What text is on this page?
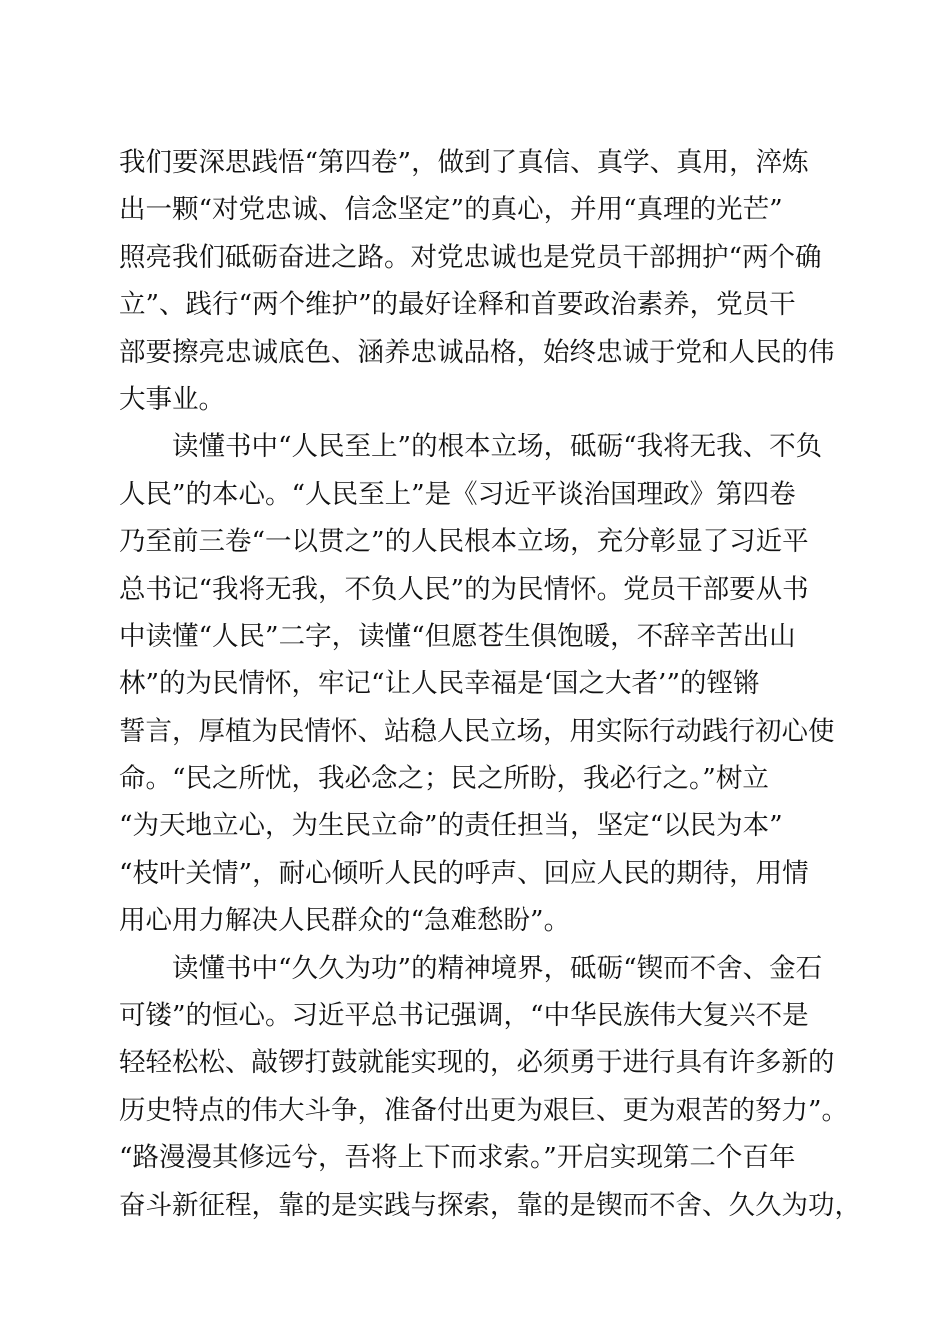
我们要深思践悟“第四卷”，做到了真信、真学、真用，淬炼
出一颗“对党忠诚、信念坚定”的真心，并用“真理的光芒”
照亮我们砥砺奋进之路。对党忠诚也是党员干部拥护“两个确
立”、践行“两个维护”的最好诠释和首要政治素养，党员干
部要擦亮忠诚底色、涵养忠诚品格，始终忠诚于党和人民的伟
大事业。
读懂书中“人民至上”的根本立场，砥砺“我将无我、不负
人民”的本心。“人民至上”是《习近平谈治国理政》第四卷
乃至前三卷“一以贯之”的人民根本立场，充分彰显了习近平
总书记“我将无我，不负人民”的为民情怀。党员干部要从书
中读懂“人民”二字，读懂“但愿苍生俱饱暖，不辞辛苦出山
林”的为民情怀，牢记“让人民幸福是‘国之大者’”的铿锵
誓言，厚植为民情怀、站稳人民立场，用实际行动践行初心使
命。“民之所忧，我必念之；民之所盼，我必行之。”树立
“为天地立心，为生民立命”的责任担当，坚定“以民为本”
“枝叶关情”，耐心倾听人民的呼声、回应人民的期待，用情
用心用力解决人民群众的“急难愁盼”。
读懂书中“久久为功”的精神境界，砥砺“锲而不舍、金石
可镂”的恒心。习近平总书记强调，“中华民族伟大复兴不是
轻轻松松、敲锣打鼓就能实现的，必须勇于进行具有许多新的
历史特点的伟大斗争，准备付出更为艰巨、更为艰苦的努力”。
“路漫漫其修远兮，吾将上下而求索。”开启实现第二个百年
奋斗新征程，靠的是实践与探索，靠的是锲而不舍、久久为功，
